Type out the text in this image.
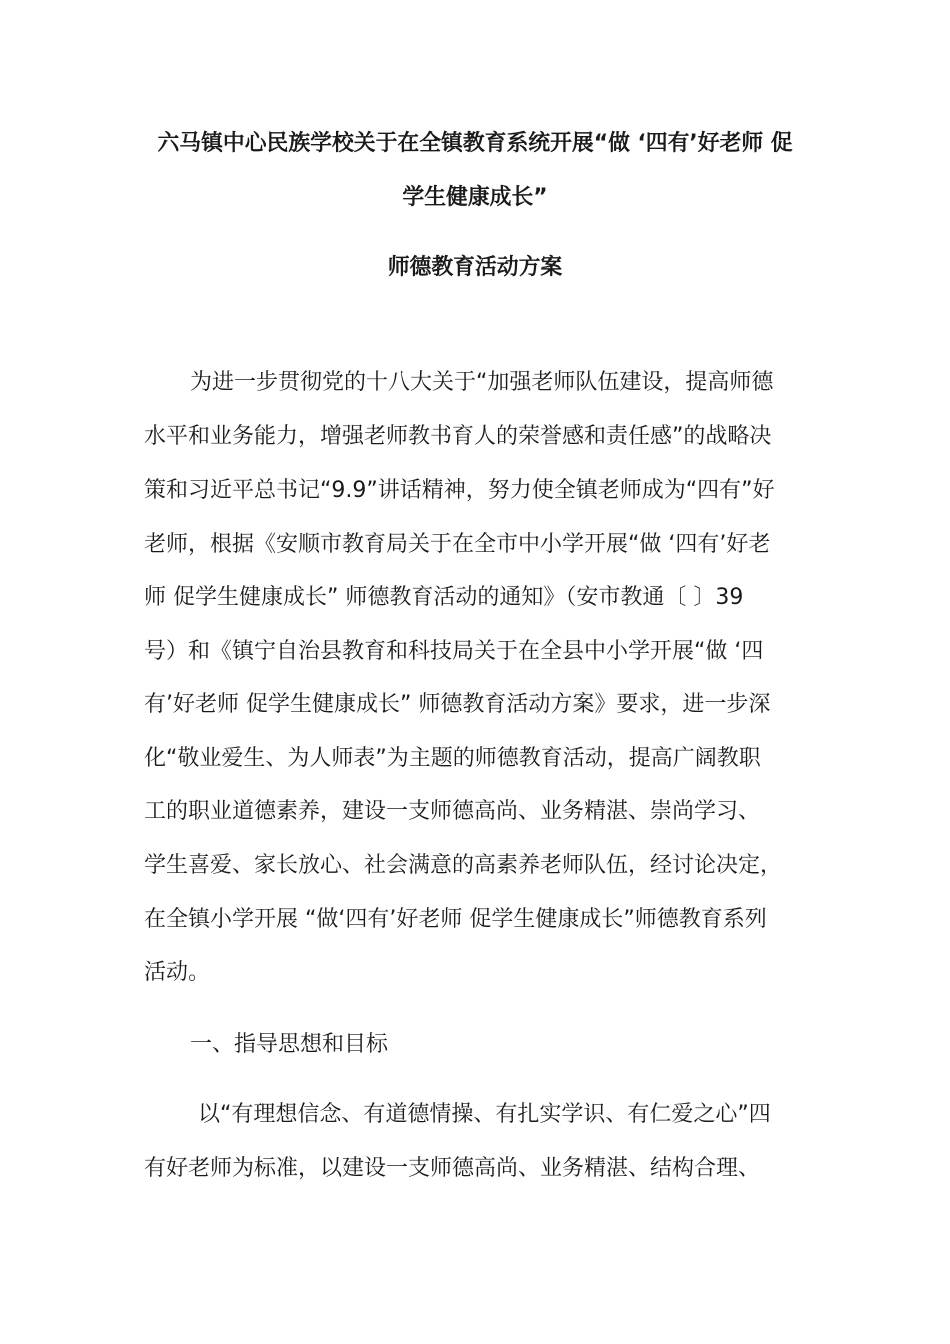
六马镇中心民族学校关于在全镇教育系统开展“做 ‘四有’好老师 促
学生健康成长”
师德教育活动方案
为进一步贯彻党的十八大关于“加强老师队伍建设，提高师德
水平和业务能力，增强老师教书育人的荣誉感和责任感”的战略决
策和习近平总书记“9.9”讲话精神，努力使全镇老师成为“四有”好
老师，根据《安顺市教育局关于在全市中小学开展“做 ‘四有’好老
师 促学生健康成长” 师德教育活动的通知》（安市教通〔 〕39
号）和《镇宁自治县教育和科技局关于在全县中小学开展“做 ‘四
有’好老师 促学生健康成长” 师德教育活动方案》要求，进一步深
化“敬业爱生、为人师表”为主题的师德教育活动，提高广阔教职
工的职业道德素养，建设一支师德高尚、业务精湛、崇尚学习、
学生喜爱、家长放心、社会满意的高素养老师队伍，经讨论决定，
在全镇小学开展 “做‘四有’好老师 促学生健康成长”师德教育系列
活动。
一、指导思想和目标
以“有理想信念、有道德情操、有扎实学识、有仁爱之心”四
有好老师为标准，以建设一支师德高尚、业务精湛、结构合理、
